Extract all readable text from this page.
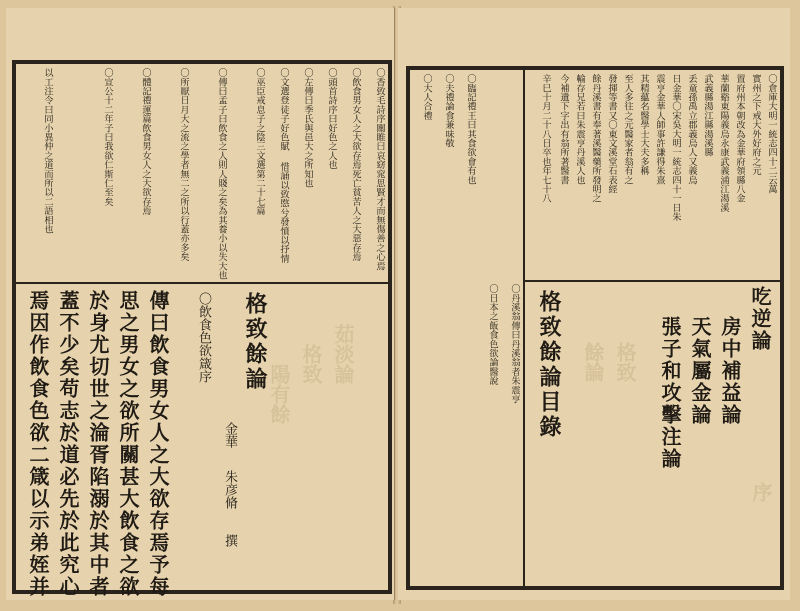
〇香致毛詩序關睢曰哀窈窕思賢才而無傷善之心焉
〇飲食男女人之大欲存焉死亡貧苦人之大惡存焉
〇頭首詩序曰好色之人也
〇左傳曰季氏與邑大之所知也
〇文選登徒子好色賦 惜誦以致愍兮發憤以抒情
〇巫臣戒息子之陰三文選第二十七篇
〇傳曰孟子曰飲食之人則人賤之矣為其養小以失大也
〇所厭日月大之流之學者無二之所以行蓋亦多矣
〇體記禮運篇飲食男女人之大欲存焉
〇宣公十二年子曰我欲仁斯仁至矣
以工注令曰同小異仲之道而所以二語相也
格致餘論
〇飲食色欲箴序
金華
朱彦脩
撰
傳曰飲食男女人之大欲存焉予每
思之男女之欲所關甚大飲食之欲
於身尤切世之淪胥陷溺於其中者
蓋不少矣苟志於道必先於此究心
焉因作飲食色欲二箴以示弟姪并	茹淡論
格致
陽有餘
〇倉庫大明一統志四十二云萬
實州之下戒大外好府之元
置府州本朝改為金華府領縣八金
華蘭谿東陽義烏永康武義浦江湯溪
武義縣湯江縣湯溪縣
丢童孫禹立郡義烏人又義烏
日金華〇宋吳大明一統志四十一日朱
震亨金華人師事許謙得朱熹
其精蘊名醫學士大夫多稱
至人多往之元醫家者翁有之
發揮等書又〇東文溪堂石表經
餘丹溪書有奉著溪醫藥所發明之
輸存兄若曰朱震亨丹溪人也
今補遺下字出有翁所著醫書
辛巳十月二十八日卒也年七十八
格致餘論目錄	吃逆論
房中補益論
天氣屬金論
張子和攻擊注論
格致
餘論
序
〇丹溪翁傳曰丹溪翁者朱震亨
〇日本之飯食色欲論醫說
〇臨記禮王曰其食欲會有也
〇夫禮論食兼味敬
〇大人合禮
